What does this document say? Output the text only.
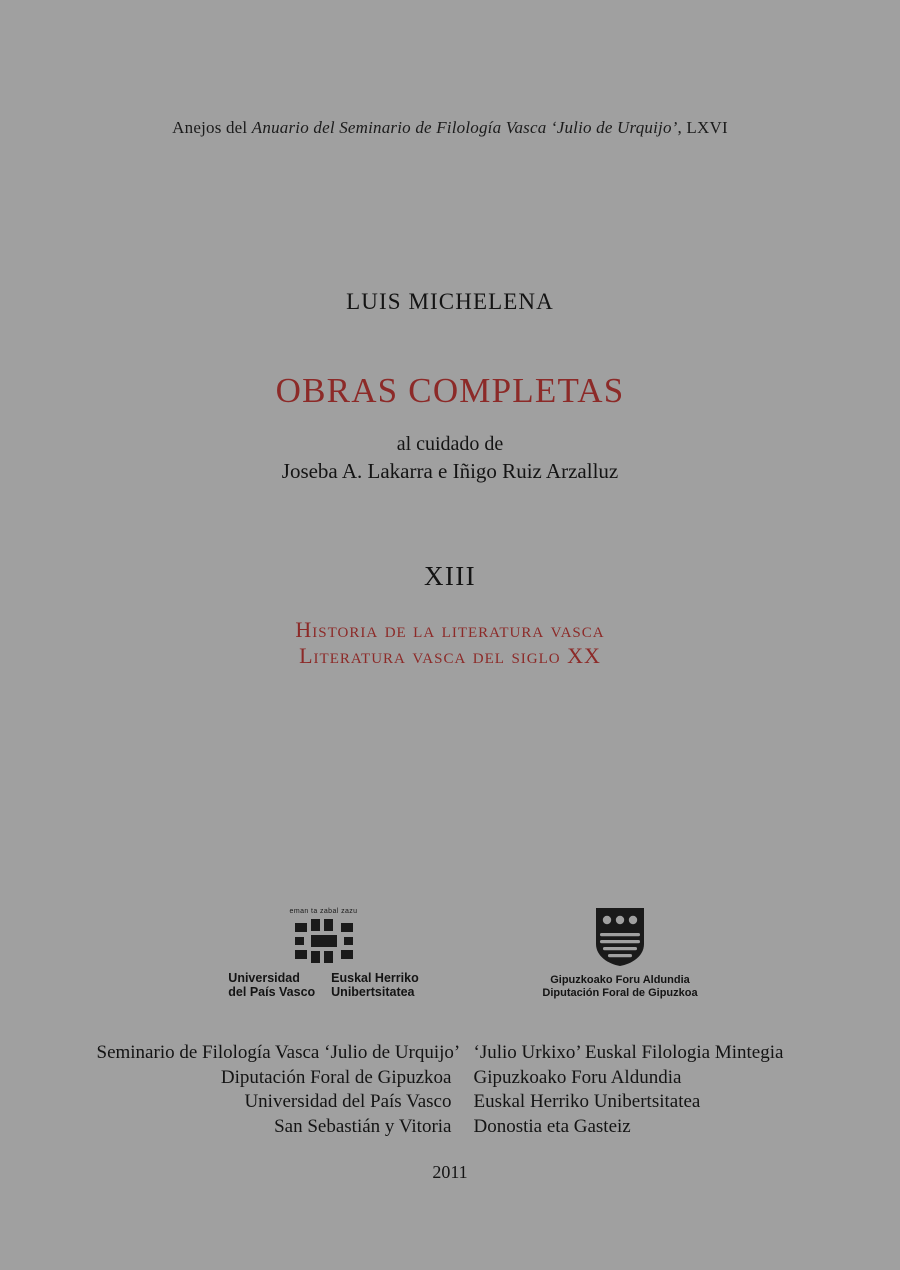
Anejos del Anuario del Seminario de Filología Vasca ‘Julio de Urquijo’, LXVI
LUIS MICHELENA
OBRAS COMPLETAS
al cuidado de
Joseba A. Lakarra e Iñigo Ruiz Arzalluz
XIII
Historia de la literatura vasca
Literatura vasca del siglo XX
eman ta zabal zazu
Universidad
del País Vasco
Euskal Herriko
Unibertsitatea
Gipuzkoako Foru Aldundia
Diputación Foral de Gipuzkoa
Seminario de Filología Vasca ‘Julio de Urquijo’
Diputación Foral de Gipuzkoa
Universidad del País Vasco
San Sebastián y Vitoria
‘Julio Urkixo’ Euskal Filologia Mintegia
Gipuzkoako Foru Aldundia
Euskal Herriko Unibertsitatea
Donostia eta Gasteiz
2011
